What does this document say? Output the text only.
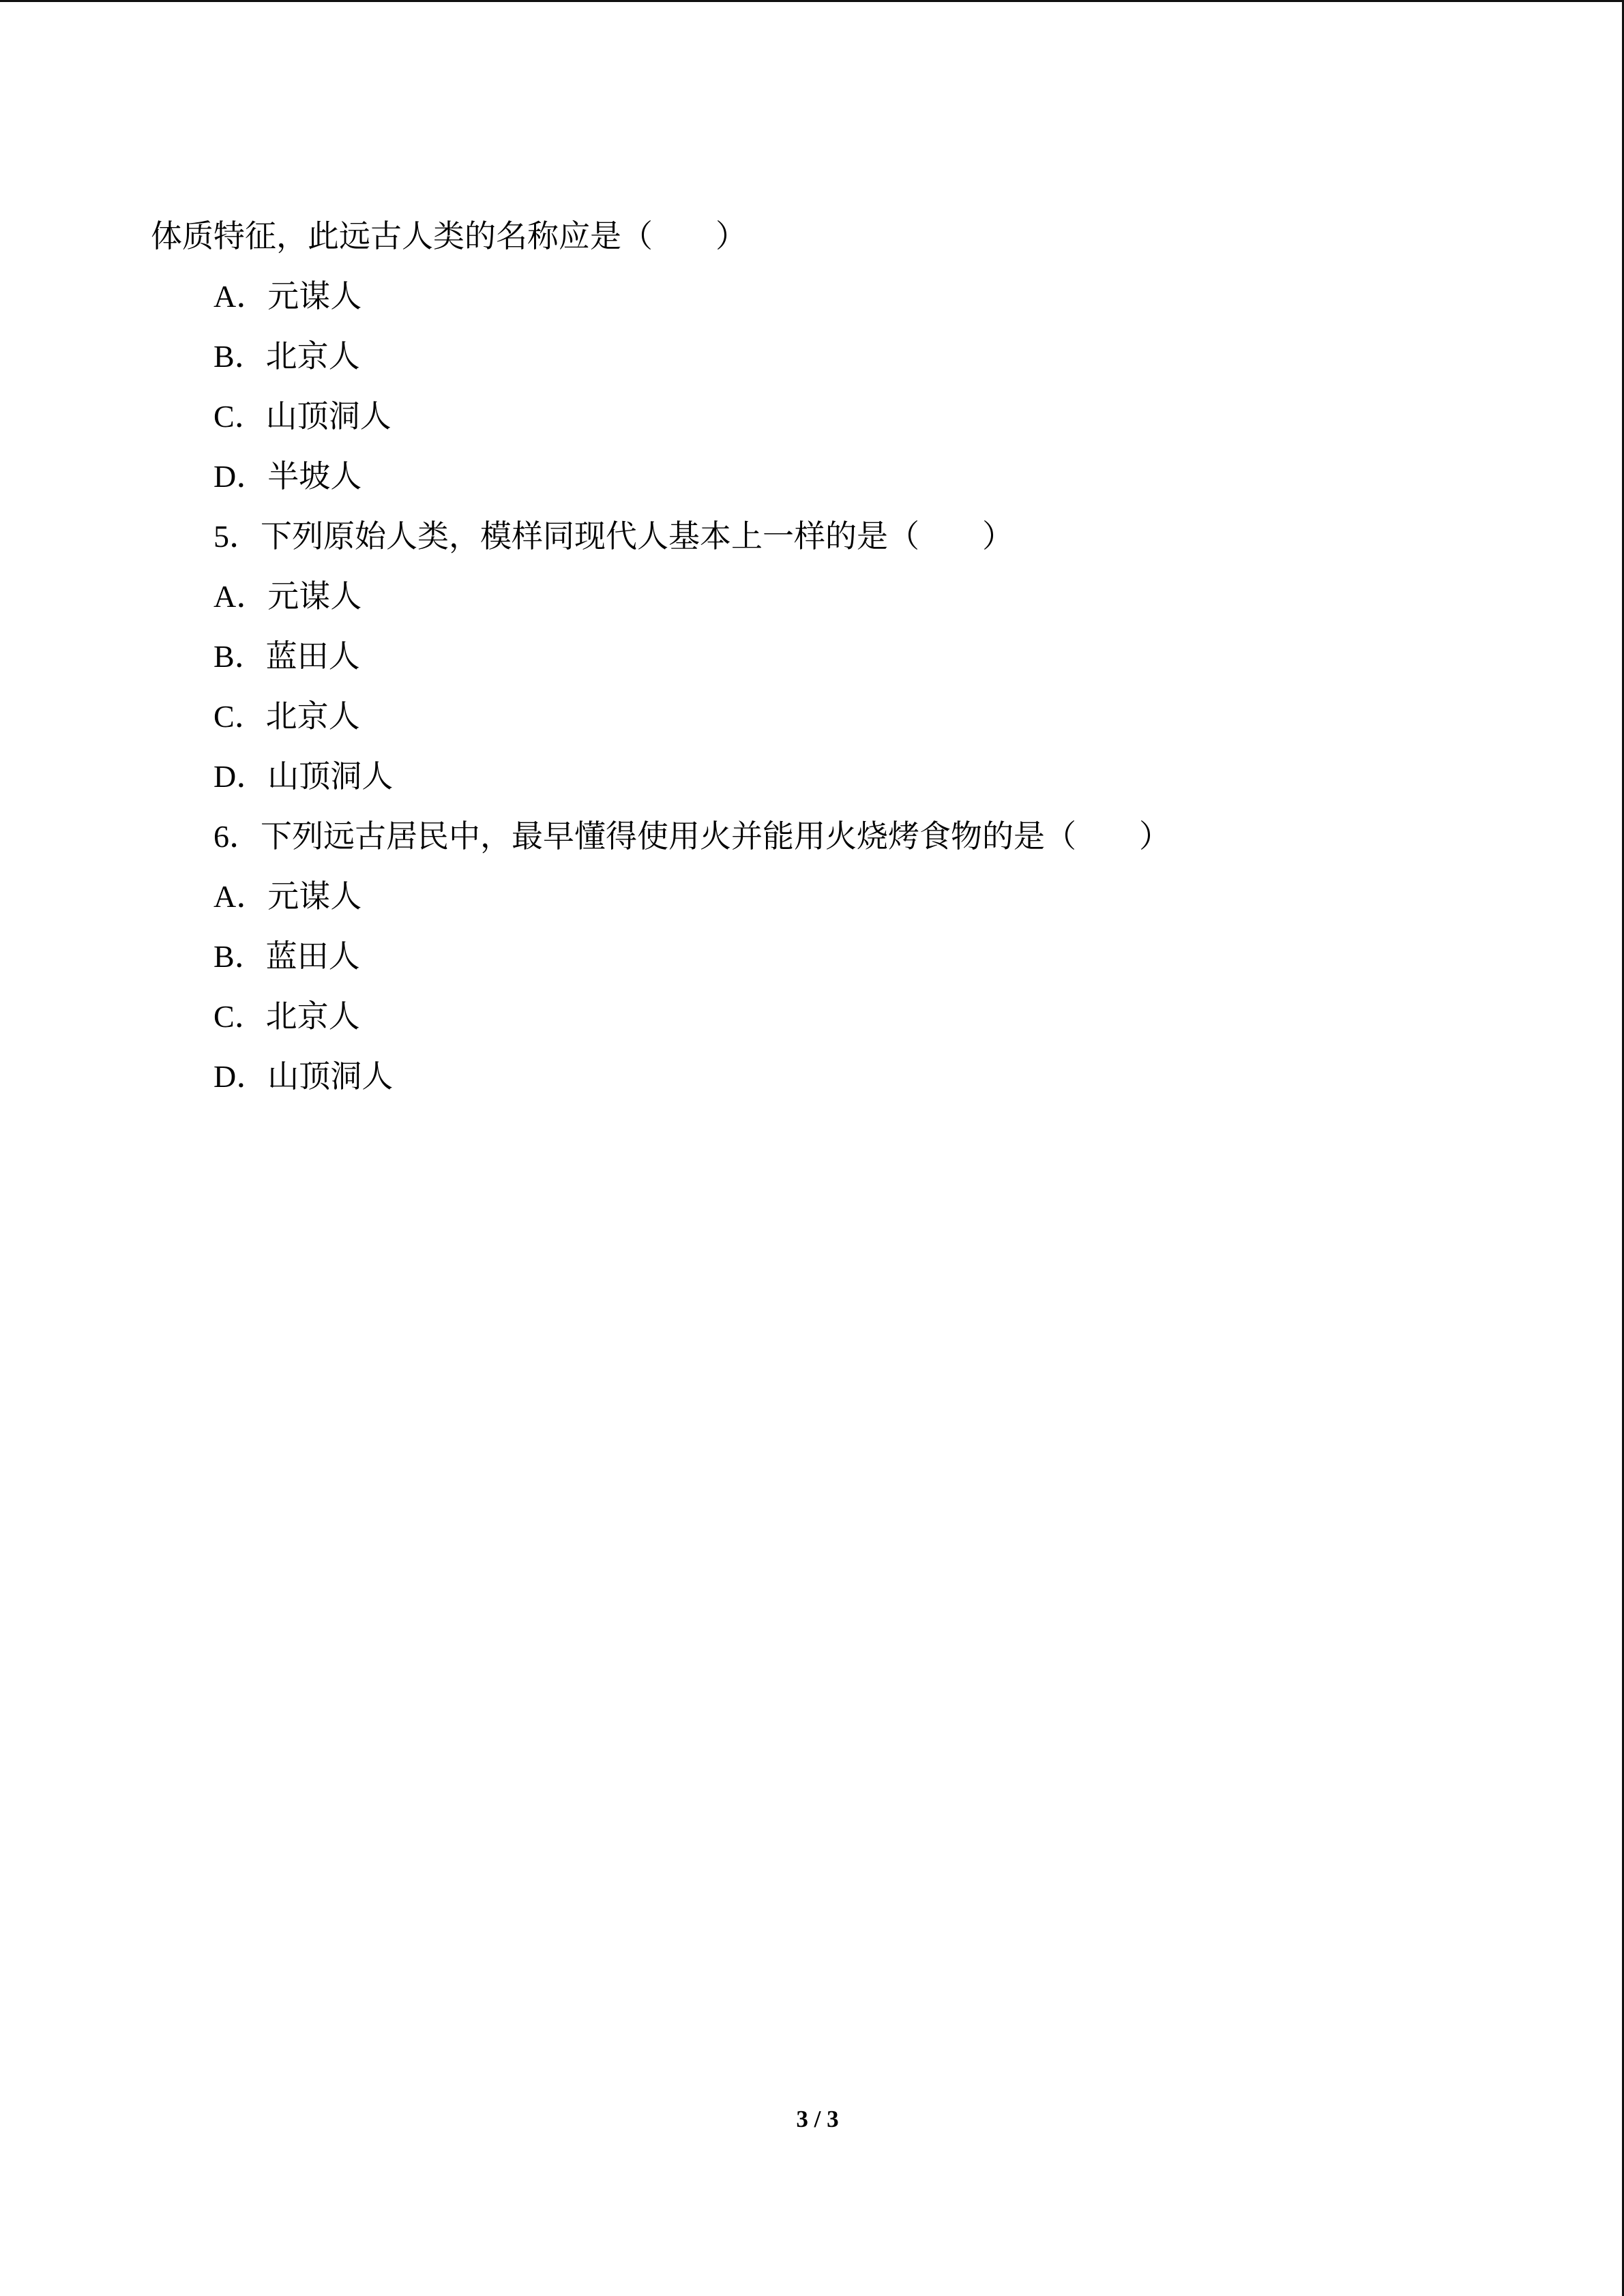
体质特征，此远古人类的名称应是（　　）
A．元谋人
B．北京人
C．山顶洞人
D．半坡人
5．下列原始人类，模样同现代人基本上一样的是（　　）
A．元谋人
B．蓝田人
C．北京人
D．山顶洞人
6．下列远古居民中，最早懂得使用火并能用火烧烤食物的是（　　）
A．元谋人
B．蓝田人
C．北京人
D．山顶洞人
3 / 3
